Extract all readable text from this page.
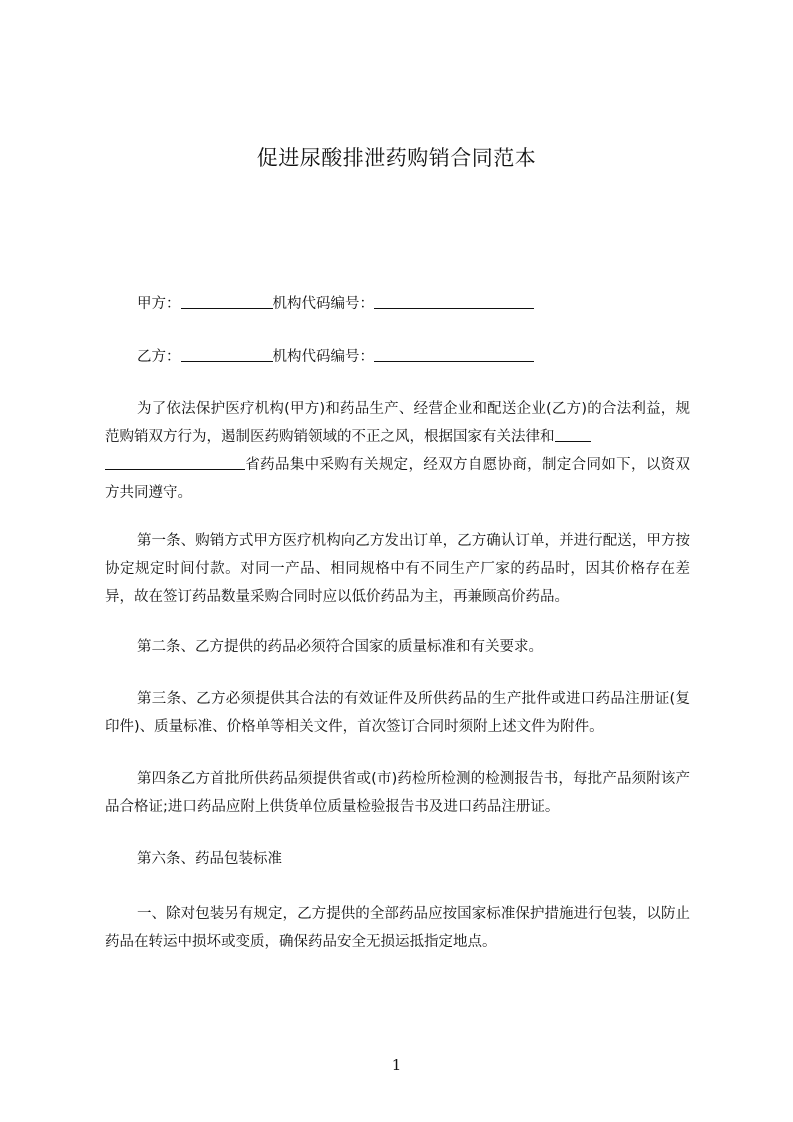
促进尿酸排泄药购销合同范本
甲方：	机构代码编号：
乙方：	机构代码编号：

为了依法保护医疗机构(甲方)和药品生产、经营企业和配送企业(乙方)的合法利益，规范购销双方行为，遏制医药购销领域的不正之风，根据国家有关法律和
省药品集中采购有关规定，经双方自愿协商，制定合同如下，以资双方共同遵守。

第一条、购销方式甲方医疗机构向乙方发出订单，乙方确认订单，并进行配送，甲方按协定规定时间付款。对同一产品、相同规格中有不同生产厂家的药品时，因其价格存在差异，故在签订药品数量采购合同时应以低价药品为主，再兼顾高价药品。

第二条、乙方提供的药品必须符合国家的质量标准和有关要求。

第三条、乙方必须提供其合法的有效证件及所供药品的生产批件或进口药品注册证(复印件)、质量标准、价格单等相关文件，首次签订合同时须附上述文件为附件。

第四条乙方首批所供药品须提供省或(市)药检所检测的检测报告书，每批产品须附该产品合格证;进口药品应附上供货单位质量检验报告书及进口药品注册证。

第六条、药品包装标准

一、除对包装另有规定，乙方提供的全部药品应按国家标准保护措施进行包装，以防止药品在转运中损坏或变质，确保药品安全无损运抵指定地点。

1
